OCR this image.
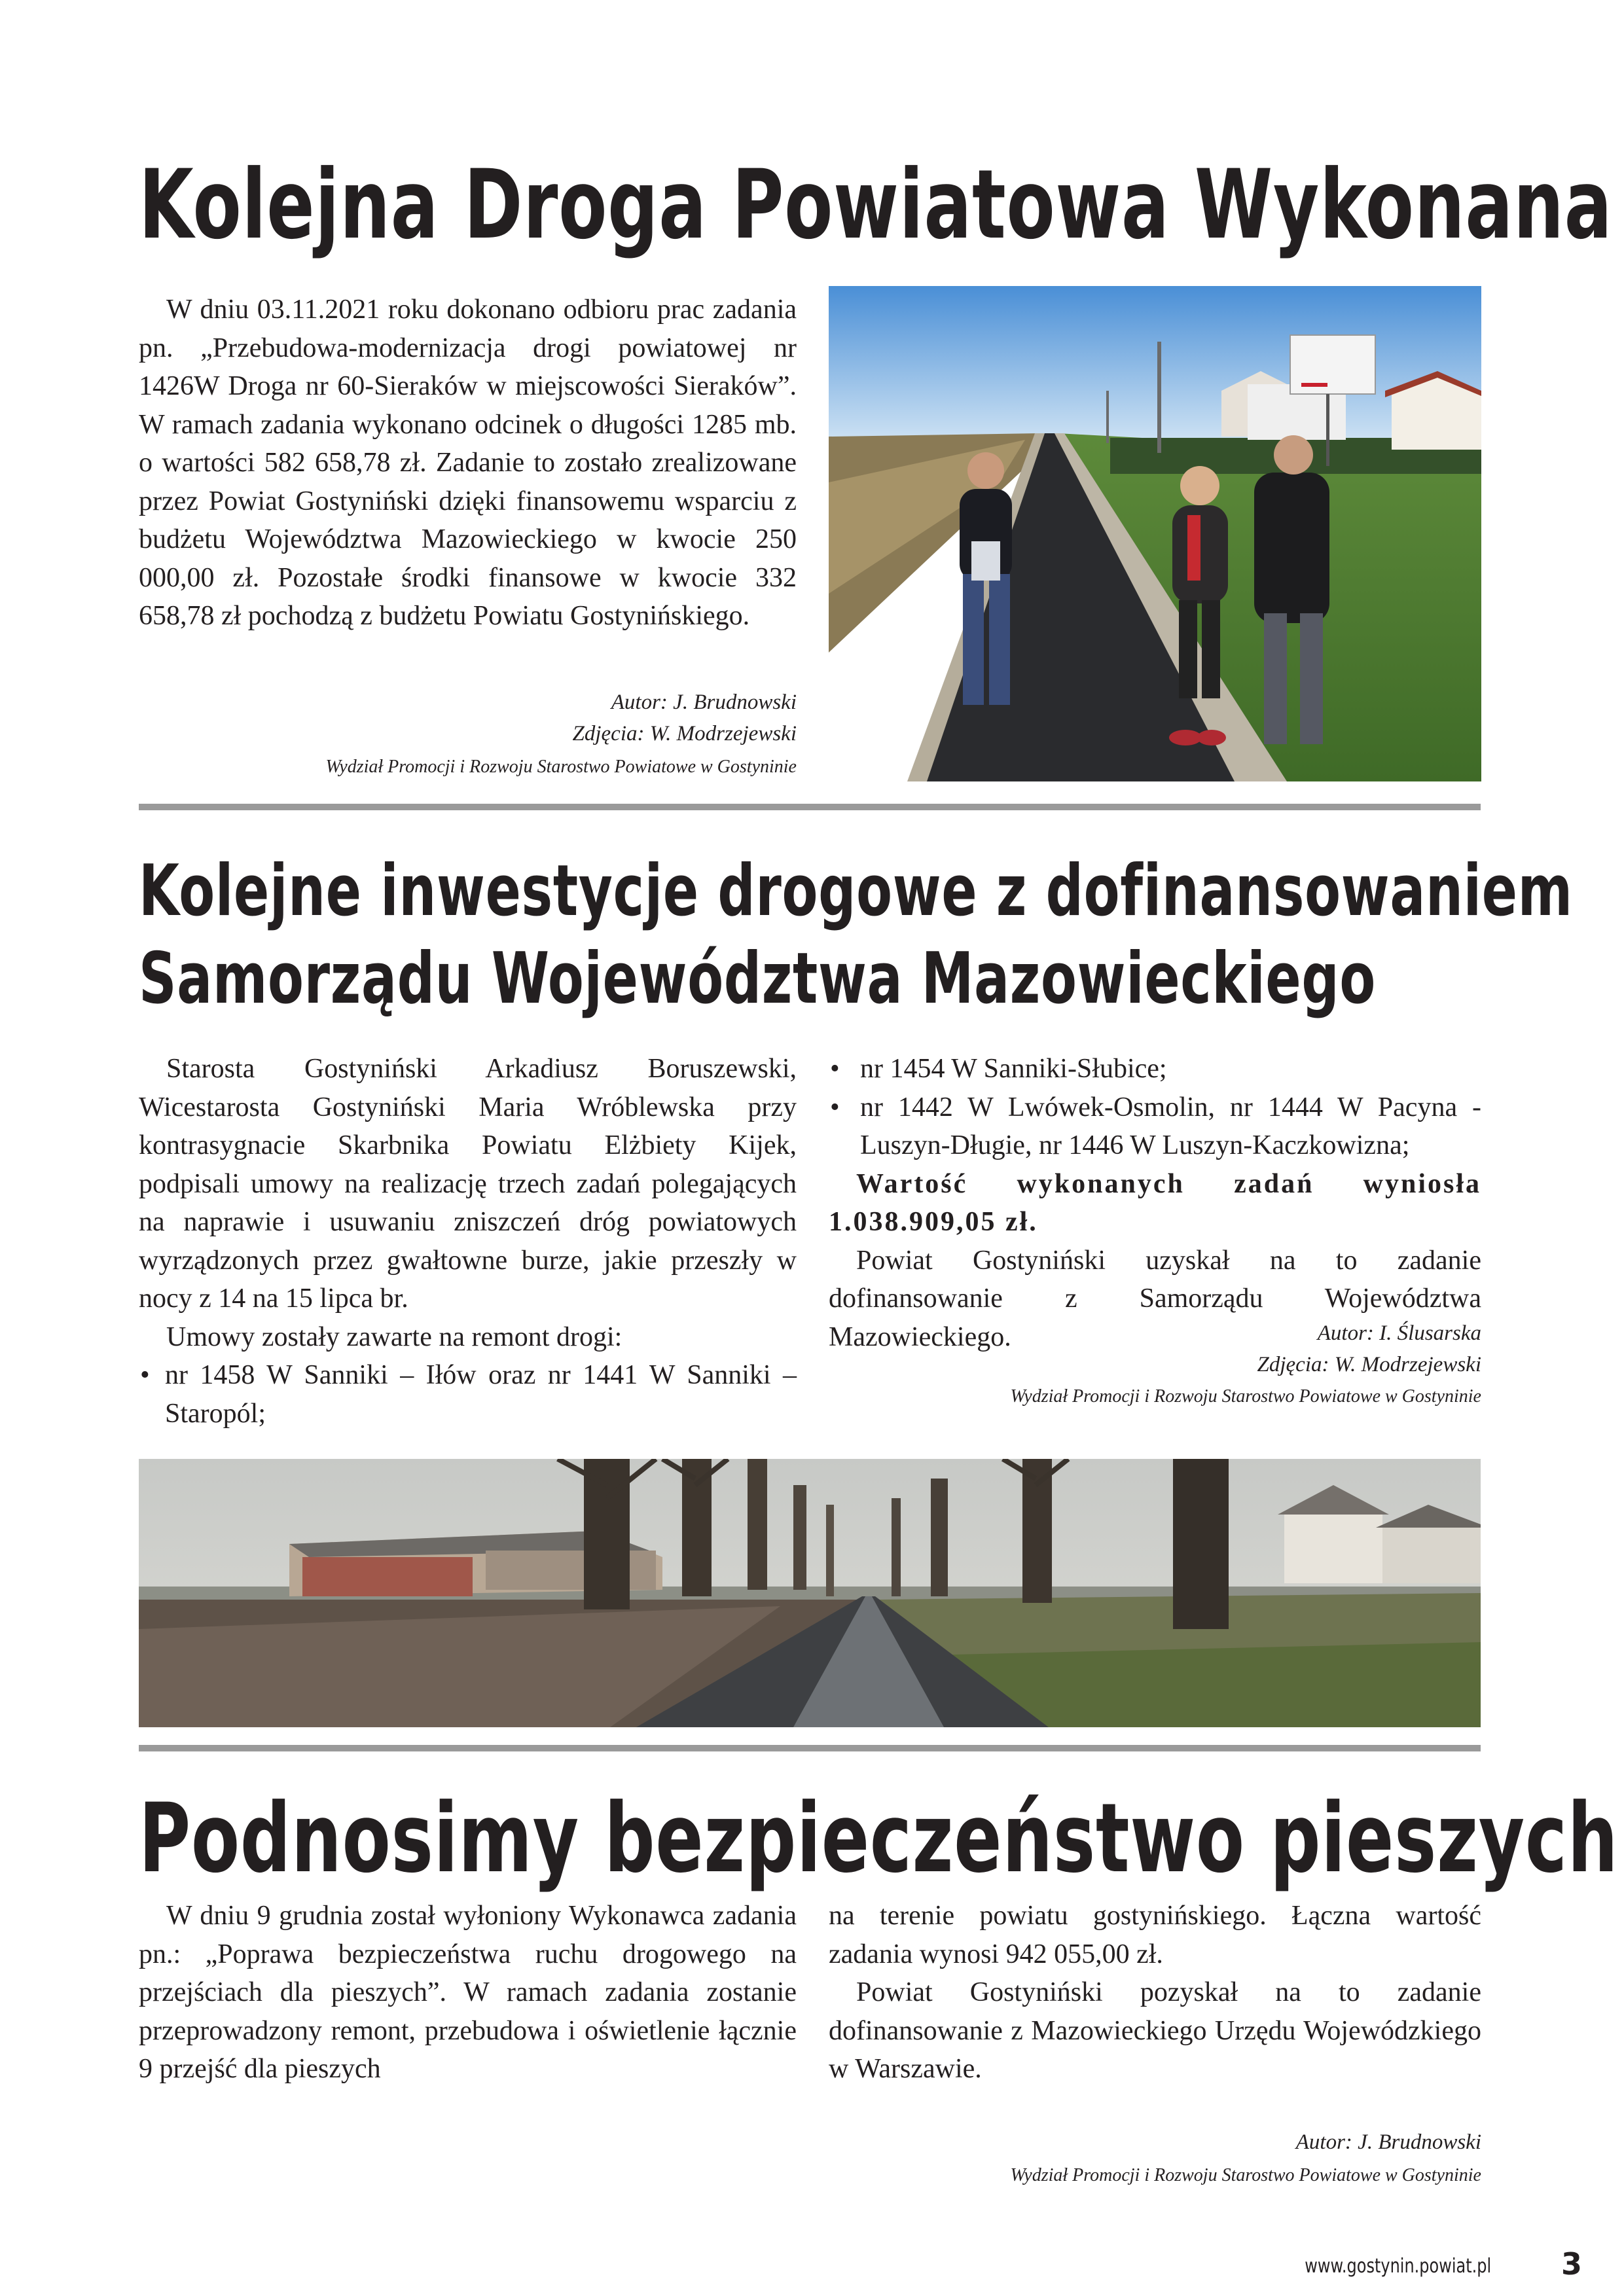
Kolejna Droga Powiatowa Wykonana

W dniu 03.11.2021 roku dokonano odbioru prac zadania pn. „Przebudowa-modernizacja drogi powiatowej nr 1426W Droga nr 60-Sieraków w miejscowości Sieraków”. W ramach zadania wykonano odcinek o długości 1285 mb. o wartości 582 658,78 zł. Zadanie to zostało zrealizowane przez Powiat Gostyniński dzięki finansowemu wsparciu z budżetu Województwa Mazowieckiego w kwocie 250 000,00 zł. Pozostałe środki finansowe w kwocie 332 658,78 zł pochodzą z budżetu Powiatu Gostynińskiego.

Autor: J. Brudnowski
Zdjęcia: W. Modrzejewski
Wydział Promocji i Rozwoju Starostwo Powiatowe w Gostyninie
Kolejne inwestycje drogowe z dofinansowaniem
Samorządu Województwa Mazowieckiego

Starosta Gostyniński Arkadiusz Boruszewski, Wicestarosta Gostyniński Maria Wróblewska przy kontrasygnacie Skarbnika Powiatu Elżbiety Kijek, podpisali umowy na realizację trzech zadań polegających na naprawie i usuwaniu zniszczeń dróg powiatowych wyrządzonych przez gwałtowne burze, jakie przeszły w nocy z 14 na 15 lipca br.

Umowy zostały zawarte na remont drogi:

• nr 1458 W Sanniki – Iłów oraz nr 1441 W Sanniki – Staropól;
• nr 1454 W Sanniki-Słubice;
• nr 1442 W Lwówek-Osmolin, nr 1444 W Pacyna -Luszyn-Długie, nr 1446 W Luszyn-Kaczkowizna;

Wartość wykonanych zadań wyniosła 1.038.909,05 zł.

Powiat Gostyniński uzyskał na to zadanie dofinansowanie z Samorządu Województwa Mazowieckiego.	Autor: I. Ślusarska
Zdjęcia: W. Modrzejewski
Wydział Promocji i Rozwoju Starostwo Powiatowe w Gostyninie
Podnosimy bezpieczeństwo pieszych

W dniu 9 grudnia został wyłoniony Wykonawca zadania pn.: „Poprawa bezpieczeństwa ruchu drogowego na przejściach dla pieszych”. W ramach zadania zostanie przeprowadzony remont, przebudowa i oświetlenie łącznie 9 przejść dla pieszych

na terenie powiatu gostynińskiego. Łączna wartość zadania wynosi 942 055,00 zł.

Powiat Gostyniński pozyskał na to zadanie dofinansowanie z Mazowieckiego Urzędu Wojewódzkiego w Warszawie.

Autor: J. Brudnowski
Wydział Promocji i Rozwoju Starostwo Powiatowe w Gostyninie
www.gostynin.powiat.pl 3
